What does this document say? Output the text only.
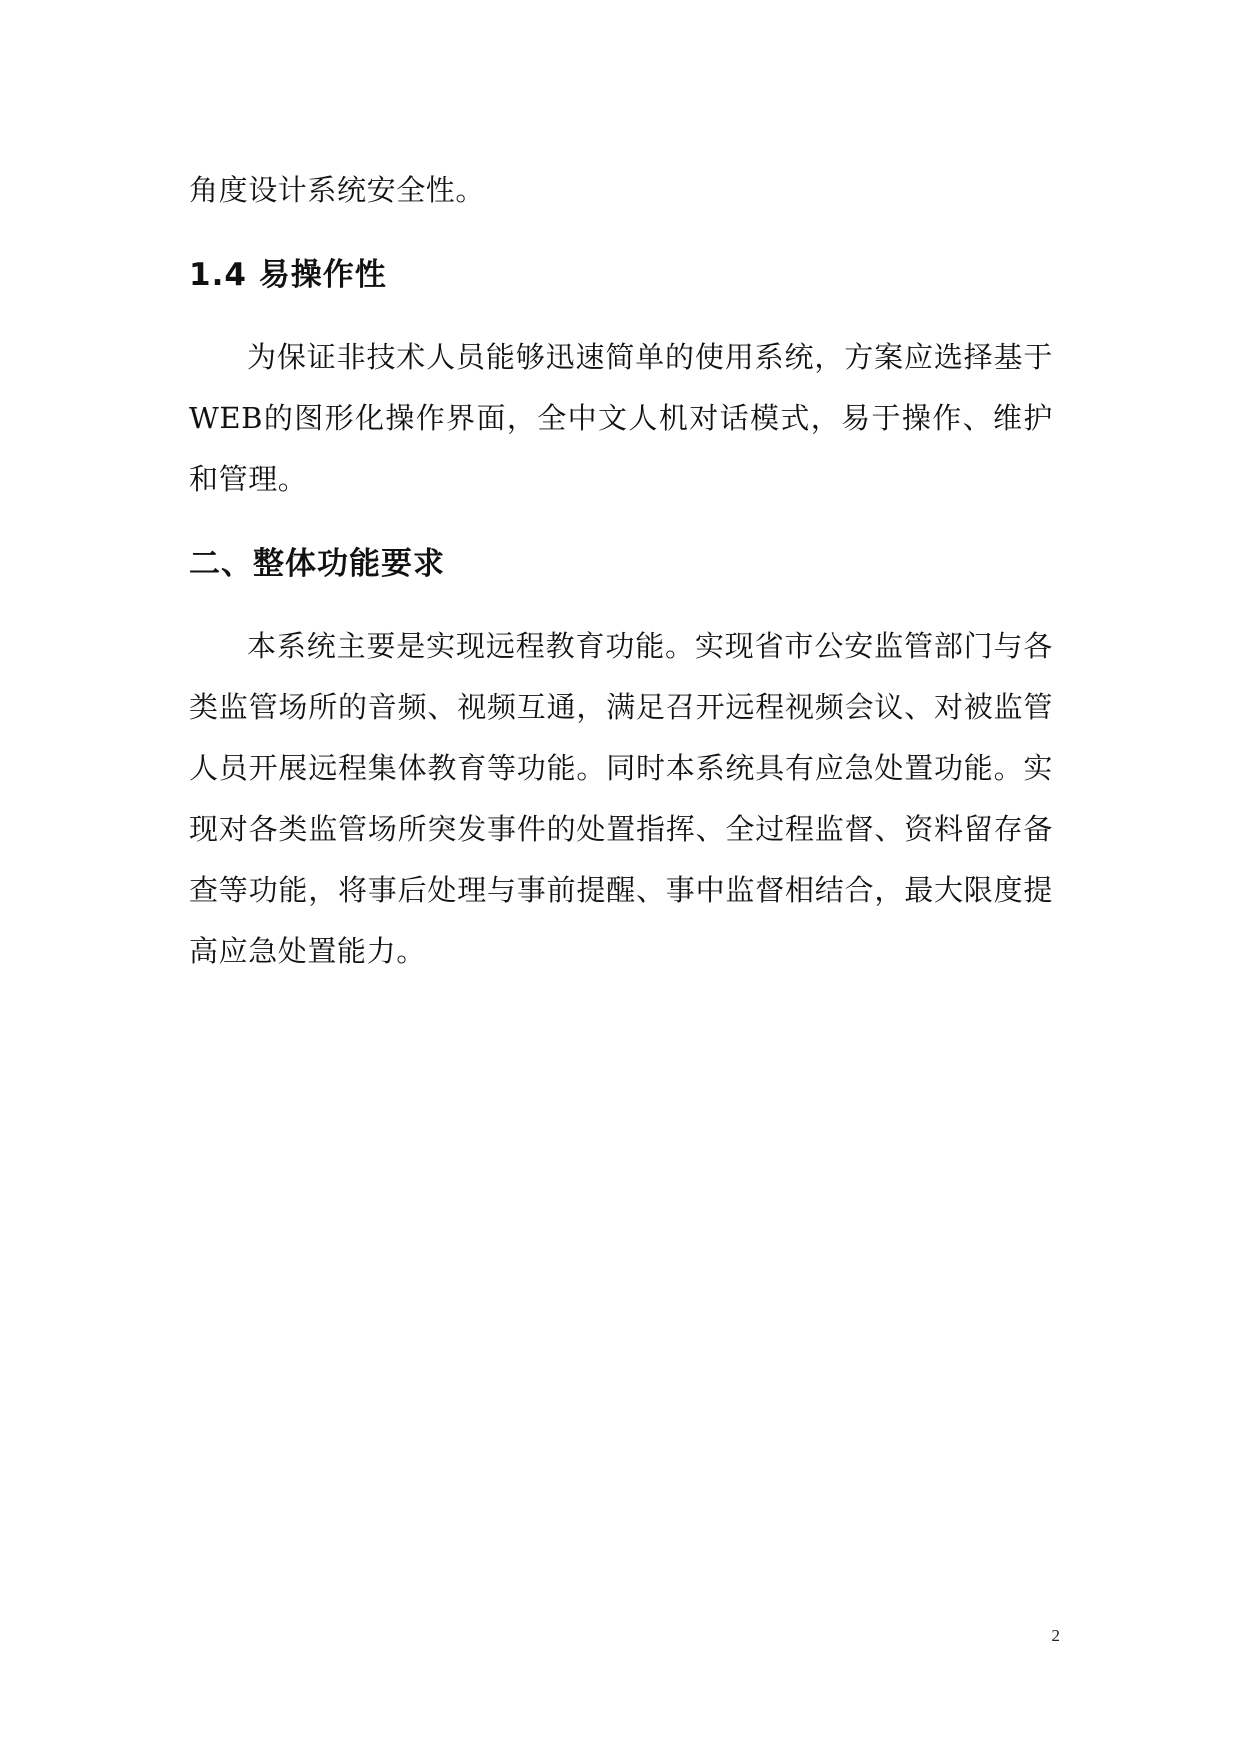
角度设计系统安全性。

1.4 易操作性

为保证非技术人员能够迅速简单的使用系统，方案应选择基于WEB的图形化操作界面，全中文人机对话模式，易于操作、维护和管理。

二、整体功能要求

本系统主要是实现远程教育功能。实现省市公安监管部门与各类监管场所的音频、视频互通，满足召开远程视频会议、对被监管人员开展远程集体教育等功能。同时本系统具有应急处置功能。实现对各类监管场所突发事件的处置指挥、全过程监督、资料留存备查等功能，将事后处理与事前提醒、事中监督相结合，最大限度提高应急处置能力。

2
